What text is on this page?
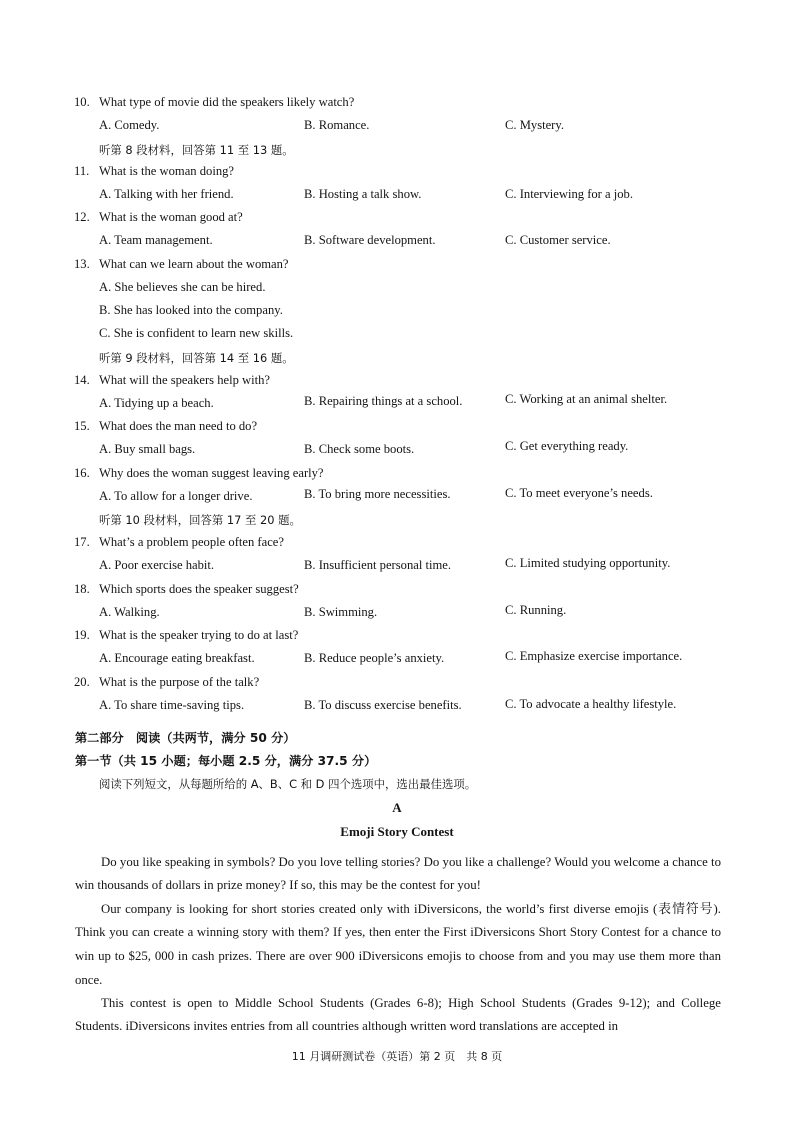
10. What type of movie did the speakers likely watch?
A. Comedy.	B. Romance.	C. Mystery.
听第 8 段材料，回答第 11 至 13 题。
11. What is the woman doing?
A. Talking with her friend.	B. Hosting a talk show.	C. Interviewing for a job.
12. What is the woman good at?
A. Team management.	B. Software development.	C. Customer service.
13. What can we learn about the woman?
A. She believes she can be hired.
B. She has looked into the company.
C. She is confident to learn new skills.
听第 9 段材料，回答第 14 至 16 题。
14. What will the speakers help with?
A. Tidying up a beach.	B. Repairing things at a school.	C. Working at an animal shelter.
15. What does the man need to do?
A. Buy small bags.	B. Check some boots.	C. Get everything ready.
16. Why does the woman suggest leaving early?
A. To allow for a longer drive.	B. To bring more necessities.	C. To meet everyone’s needs.
听第 10 段材料，回答第 17 至 20 题。
17. What’s a problem people often face?
A. Poor exercise habit.	B. Insufficient personal time.	C. Limited studying opportunity.
18. Which sports does the speaker suggest?
A. Walking.	B. Swimming.	C. Running.
19. What is the speaker trying to do at last?
A. Encourage eating breakfast.	B. Reduce people’s anxiety.	C. Emphasize exercise importance.
20. What is the purpose of the talk?
A. To share time-saving tips.	B. To discuss exercise benefits.	C. To advocate a healthy lifestyle.
第二部分　阅读（共两节，满分 50 分）
第一节（共 15 小题；每小题 2.5 分，满分 37.5 分）
阅读下列短文，从每题所给的 A、B、C 和 D 四个选项中，选出最佳选项。
A
Emoji Story Contest

Do you like speaking in symbols? Do you love telling stories? Do you like a challenge? Would you welcome a chance to win thousands of dollars in prize money? If so, this may be the contest for you!

Our company is looking for short stories created only with iDiversicons, the world’s first diverse emojis (表情符号). Think you can create a winning story with them? If yes, then enter the First iDiversicons Short Story Contest for a chance to win up to $25, 000 in cash prizes. There are over 900 iDiversicons emojis to choose from and you may use them more than once.

This contest is open to Middle School Students (Grades 6-8); High School Students (Grades 9-12); and College Students. iDiversicons invites entries from all countries although written word translations are accepted in

11 月调研测试卷（英语）第 2 页　共 8 页
